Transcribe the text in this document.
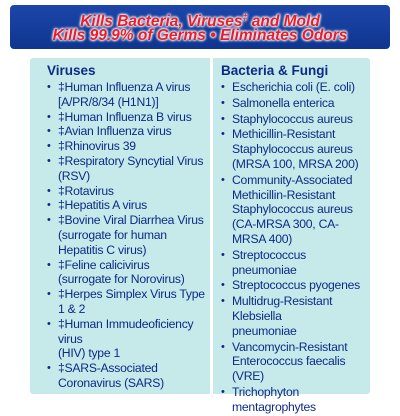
Kills Bacteria, Viruses‡ and Mold
Kills 99.9% of Germs • Eliminates Odors
Viruses
• ‡Human Influenza A virus
[A/PR/8/34 (H1N1)]
• ‡Human Influenza B virus
• ‡Avian Influenza virus
• ‡Rhinovirus 39
• ‡Respiratory Syncytial Virus (RSV)
• ‡Rotavirus
• ‡Hepatitis A virus
• ‡Bovine Viral Diarrhea Virus
(surrogate for human Hepatitis C virus)
• ‡Feline calicivirus
(surrogate for Norovirus)
• ‡Herpes Simplex Virus Type 1 & 2
• ‡Human Immudeoficiency virus
(HIV) type 1
• ‡SARS-Associated
Coronavirus (SARS)
Bacteria & Fungi
• Escherichia coli (E. coli)
• Salmonella enterica
• Staphylococcus aureus
• Methicillin-Resistant
Staphylococcus aureus
(MRSA 100, MRSA 200)
• Community-Associated
Methicillin-Resistant
Staphylococcus aureus
(CA-MRSA 300, CA-MRSA 400)
• Streptococcus pneumoniae
• Streptococcus pyogenes
• Multidrug-Resistant Klebsiella
pneumoniae
• Vancomycin-Resistant
Enterococcus faecalis (VRE)
• Trichophyton mentagrophytes
